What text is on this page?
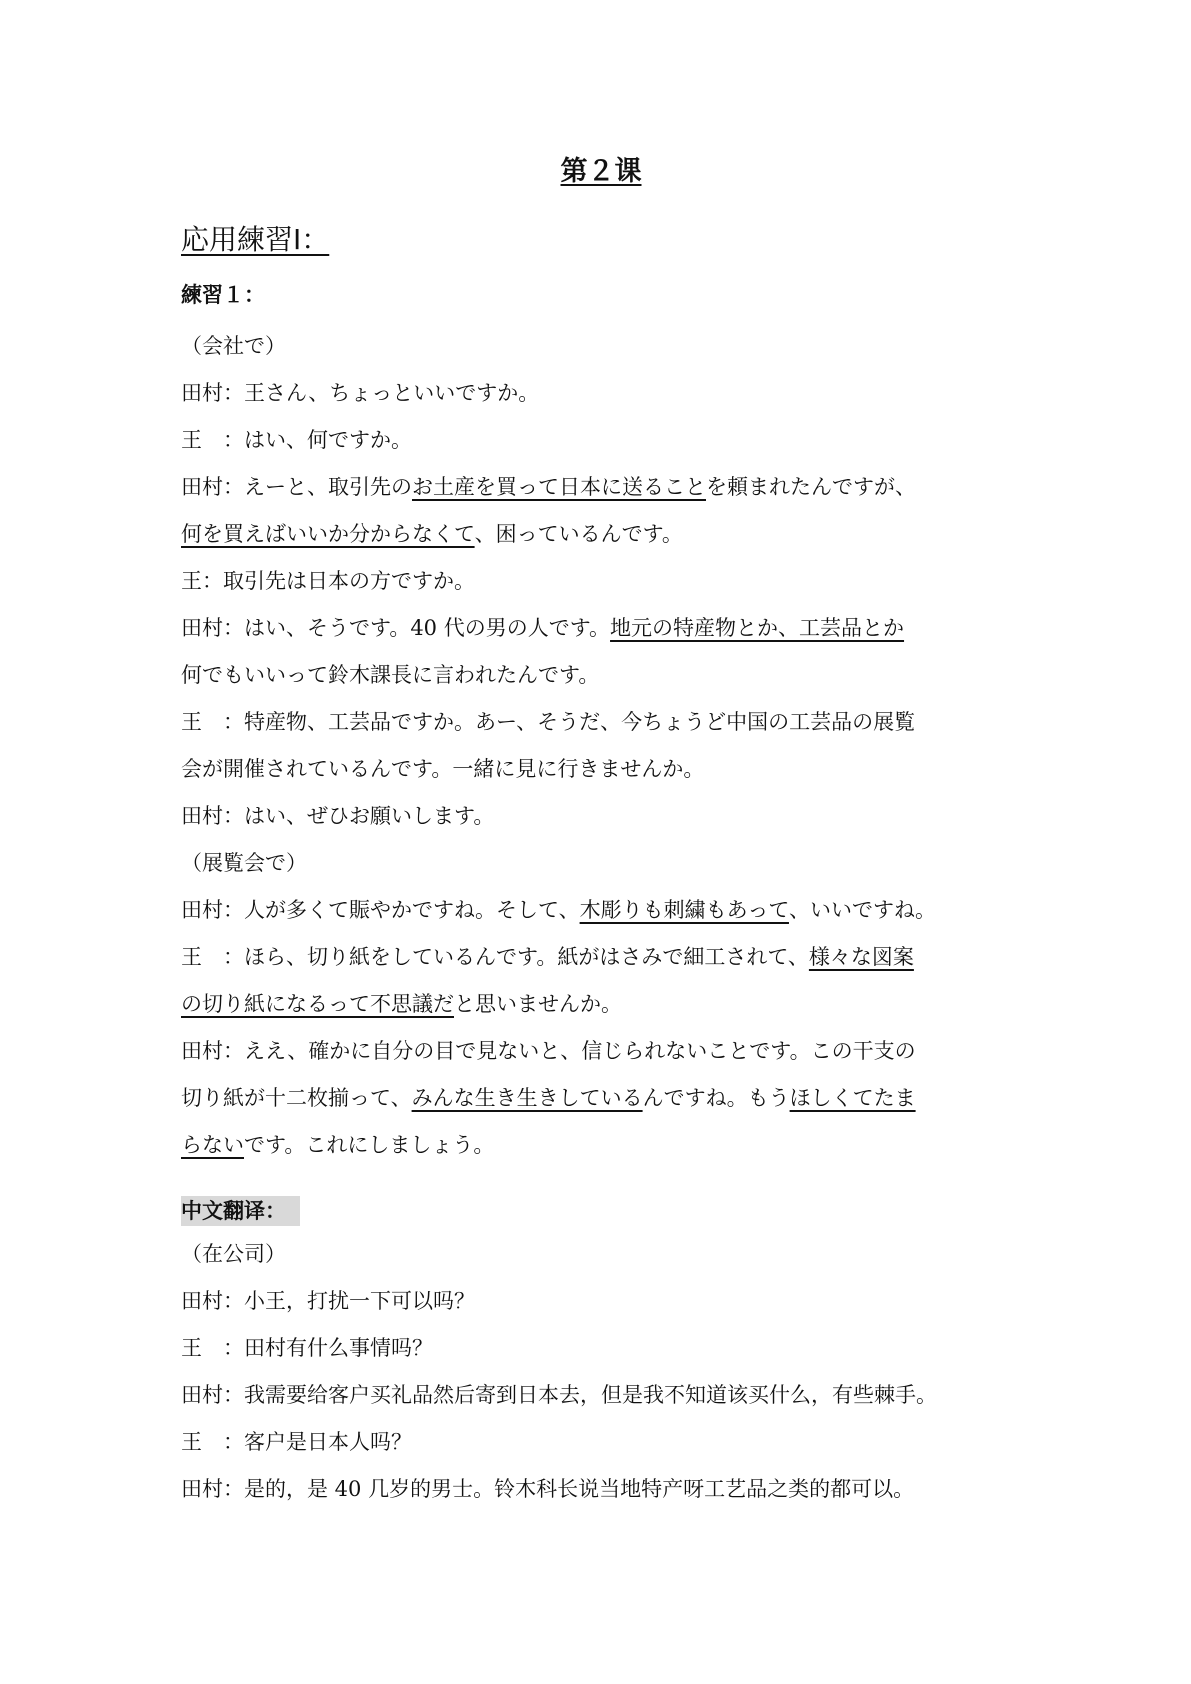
第２课
応用練習Ⅰ：
練習１：
（会社で）
田村：王さん、ちょっといいですか。
王　：はい、何ですか。
田村：えーと、取引先のお土産を買って日本に送ることを頼まれたんですが、
何を買えばいいか分からなくて、困っているんです。
王：取引先は日本の方ですか。
田村：はい、そうです。40 代の男の人です。地元の特産物とか、工芸品とか
何でもいいって鈴木課長に言われたんです。
王　：特産物、工芸品ですか。あー、そうだ、今ちょうど中国の工芸品の展覧
会が開催されているんです。一緒に見に行きませんか。
田村：はい、ぜひお願いします。
（展覧会で）
田村：人が多くて賑やかですね。そして、木彫りも刺繍もあって、いいですね。
王　：ほら、切り紙をしているんです。紙がはさみで細工されて、様々な図案
の切り紙になるって不思議だと思いませんか。
田村：ええ、確かに自分の目で見ないと、信じられないことです。この干支の
切り紙が十二枚揃って、みんな生き生きしているんですね。もうほしくてたま
らないです。これにしましょう。
中文翻译：
（在公司）
田村：小王，打扰一下可以吗？
王　：田村有什么事情吗？
田村：我需要给客户买礼品然后寄到日本去，但是我不知道该买什么，有些棘手。
王　：客户是日本人吗？
田村：是的，是 40 几岁的男士。铃木科长说当地特产呀工艺品之类的都可以。
